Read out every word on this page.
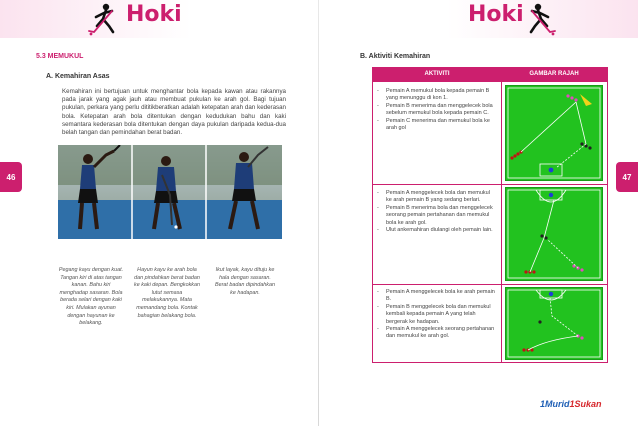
Hoki
5.3 MEMUKUL
A. Kemahiran Asas
Kemahiran ini bertujuan untuk menghantar bola kepada kawan atau rakannya pada jarak yang agak jauh atau membuat pukulan ke arah gol. Bagi tujuan pukulan, perkara yang perlu dititikberatkan adalah ketepatan arah dan kederasan bola. Ketepatan arah bola ditentukan dengan kedudukan bahu dan kaki semantara kederasan bola ditentukan dengan daya pukulan daripada kedua-dua belah tangan dan pemindahan berat badan.
46
Pegang kayu dengan kuat. Tangan kiri di atas tangan kanan. Bahu kiri menghadap sasaran. Bola berada selari dengan kaki kiri. Mulakan ayunan dengan hayunan ke belakang.
Hayun kayu ke arah bola dan pindahkan berat badan ke kaki depan. Bengkokkan lutut semasa melakukannya. Mata memandang bola. Kontak bahagian belakang bola.
Ikut layak, kayu dituju ke hala dengan sasaran. Berat badan dipindahkan ke hadapan.
Hoki
B. Aktiviti Kemahiran
AKTIVITI	GAMBAR RAJAH
- Pemain A memukul bola kepada pemain B yang menunggu di kon 1.
- Pemain B menerima dan menggelecek bola sebelum memukul bola kepada pemain C.
- Pemain C menerima dan memukul bola ke arah gol
- Pemain A menggelecek bola dan memukul ke arah pemain B yang sedang berlari.
- Pemain B menerima bola dan menggelecek seorang pemain pertahanan dan memukul bola ke arah gol.
- Ulut ankemahiran diulangi oleh pemain lain.
- Pemain A menggelecek bola ke arah pemain B.
- Pemain B menggelecek bola dan memukul kembali kepada pemain A yang telah bergerak ke hadapan.
- Pemain A menggelecek seorang pertahanan dan memukul ke arah gol.
47
1Murid1Sukan
